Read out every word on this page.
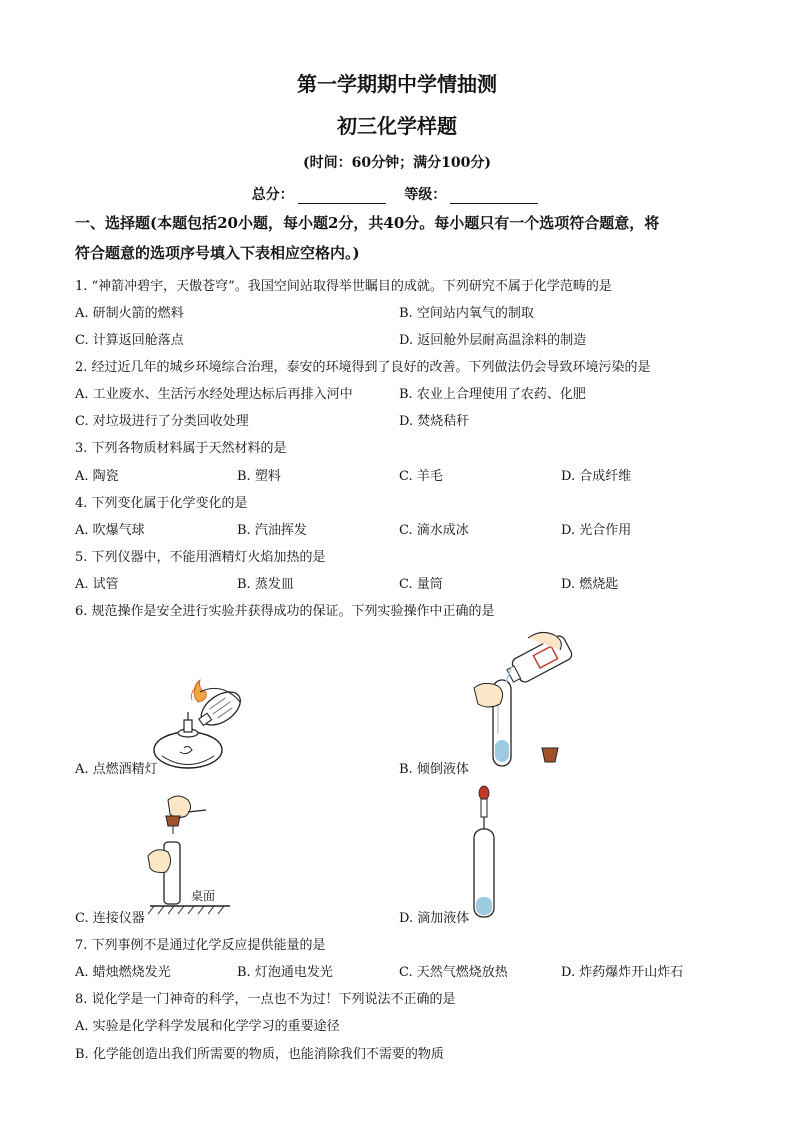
第一学期期中学情抽测
初三化学样题
(时间：60分钟；满分100分)
总分：	等级：
一、选择题(本题包括20小题，每小题2分，共40分。每小题只有一个选项符合题意，将
符合题意的选项序号填入下表相应空格内。)
1. “神箭冲碧宇，天傲苍穹”。我国空间站取得举世瞩目的成就。下列研究不属于化学范畴的是
A. 研制火箭的燃料	B. 空间站内氧气的制取
C. 计算返回舱落点	D. 返回舱外层耐高温涂料的制造
2. 经过近几年的城乡环境综合治理，泰安的环境得到了良好的改善。下列做法仍会导致环境污染的是
A. 工业废水、生活污水经处理达标后再排入河中	B. 农业上合理使用了农药、化肥
C. 对垃圾进行了分类回收处理	D. 焚烧秸秆
3. 下列各物质材料属于天然材料的是
A. 陶瓷	B. 塑料	C. 羊毛	D. 合成纤维
4. 下列变化属于化学变化的是
A. 吹爆气球	B. 汽油挥发	C. 滴水成冰	D. 光合作用
5. 下列仪器中，不能用酒精灯火焰加热的是
A. 试管	B. 蒸发皿	C. 量筒	D. 燃烧匙
6. 规范操作是安全进行实验并获得成功的保证。下列实验操作中正确的是
A. 点燃酒精灯	B. 倾倒液体
桌面
C. 连接仪器	D. 滴加液体
7. 下列事例不是通过化学反应提供能量的是
A. 蜡烛燃烧发光	B. 灯泡通电发光	C. 天然气燃烧放热	D. 炸药爆炸开山炸石
8. 说化学是一门神奇的科学，一点也不为过！下列说法不正确的是
A. 实验是化学科学发展和化学学习的重要途径
B. 化学能创造出我们所需要的物质，也能消除我们不需要的物质
